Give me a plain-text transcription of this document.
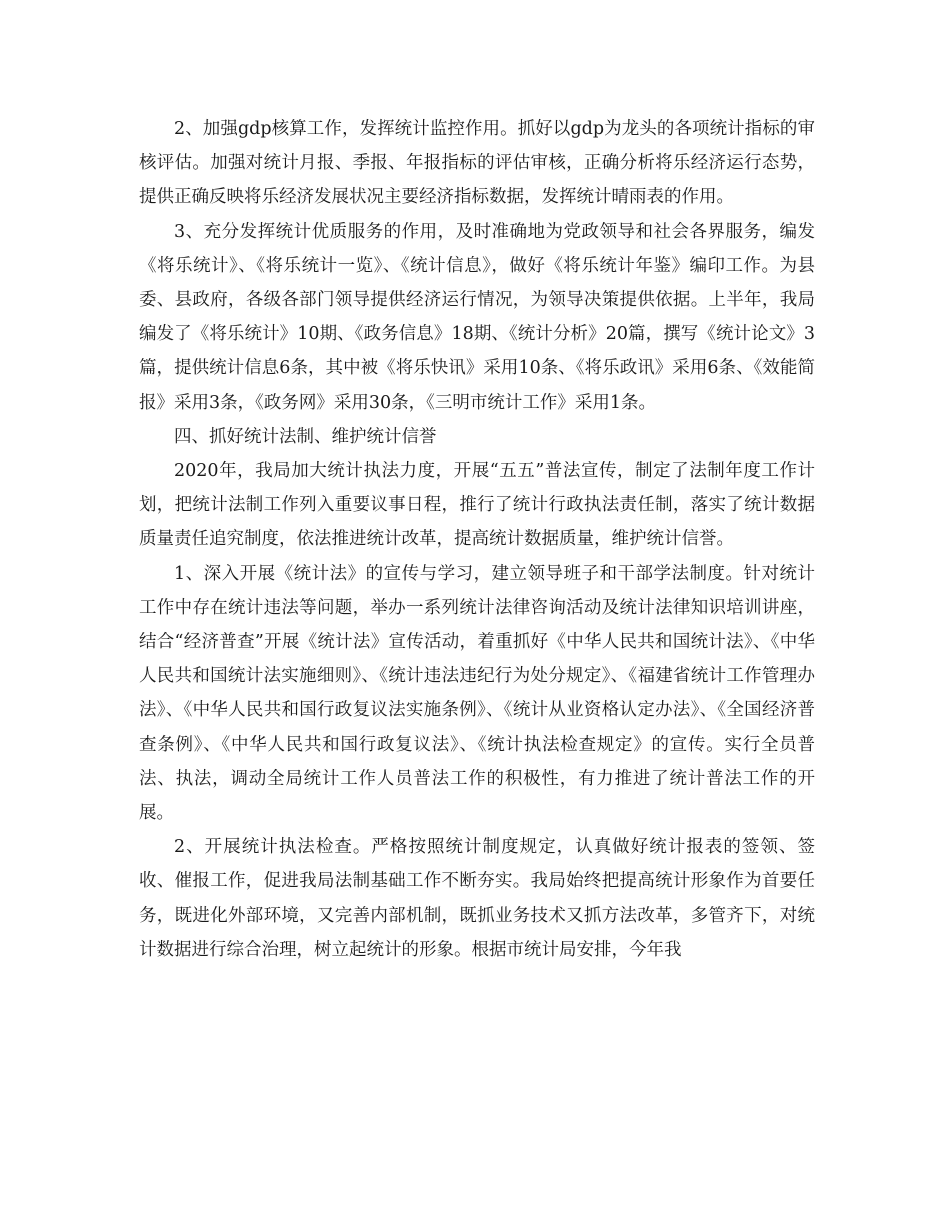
2、加强gdp核算工作，发挥统计监控作用。抓好以gdp为龙头的各项统计指标的审核评估。加强对统计月报、季报、年报指标的评估审核，正确分析将乐经济运行态势，提供正确反映将乐经济发展状况主要经济指标数据，发挥统计晴雨表的作用。

3、充分发挥统计优质服务的作用，及时准确地为党政领导和社会各界服务，编发《将乐统计》、《将乐统计一览》、《统计信息》，做好《将乐统计年鉴》编印工作。为县委、县政府，各级各部门领导提供经济运行情况，为领导决策提供依据。上半年，我局编发了《将乐统计》10期、《政务信息》18期、《统计分析》20篇，撰写《统计论文》3篇，提供统计信息6条，其中被《将乐快讯》采用10条、《将乐政讯》采用6条、《效能简报》采用3条，《政务网》采用30条，《三明市统计工作》采用1条。

四、抓好统计法制、维护统计信誉

2020年，我局加大统计执法力度，开展“五五”普法宣传，制定了法制年度工作计划，把统计法制工作列入重要议事日程，推行了统计行政执法责任制，落实了统计数据质量责任追究制度，依法推进统计改革，提高统计数据质量，维护统计信誉。

1、深入开展《统计法》的宣传与学习，建立领导班子和干部学法制度。针对统计工作中存在统计违法等问题，举办一系列统计法律咨询活动及统计法律知识培训讲座，结合“经济普查”开展《统计法》宣传活动，着重抓好《中华人民共和国统计法》、《中华人民共和国统计法实施细则》、《统计违法违纪行为处分规定》、《福建省统计工作管理办法》、《中华人民共和国行政复议法实施条例》、《统计从业资格认定办法》、《全国经济普查条例》、《中华人民共和国行政复议法》、《统计执法检查规定》的宣传。实行全员普法、执法，调动全局统计工作人员普法工作的积极性，有力推进了统计普法工作的开展。

2、开展统计执法检查。严格按照统计制度规定，认真做好统计报表的签领、签收、催报工作，促进我局法制基础工作不断夯实。我局始终把提高统计形象作为首要任务，既进化外部环境，又完善内部机制，既抓业务技术又抓方法改革，多管齐下，对统计数据进行综合治理，树立起统计的形象。根据市统计局安排，今年我
